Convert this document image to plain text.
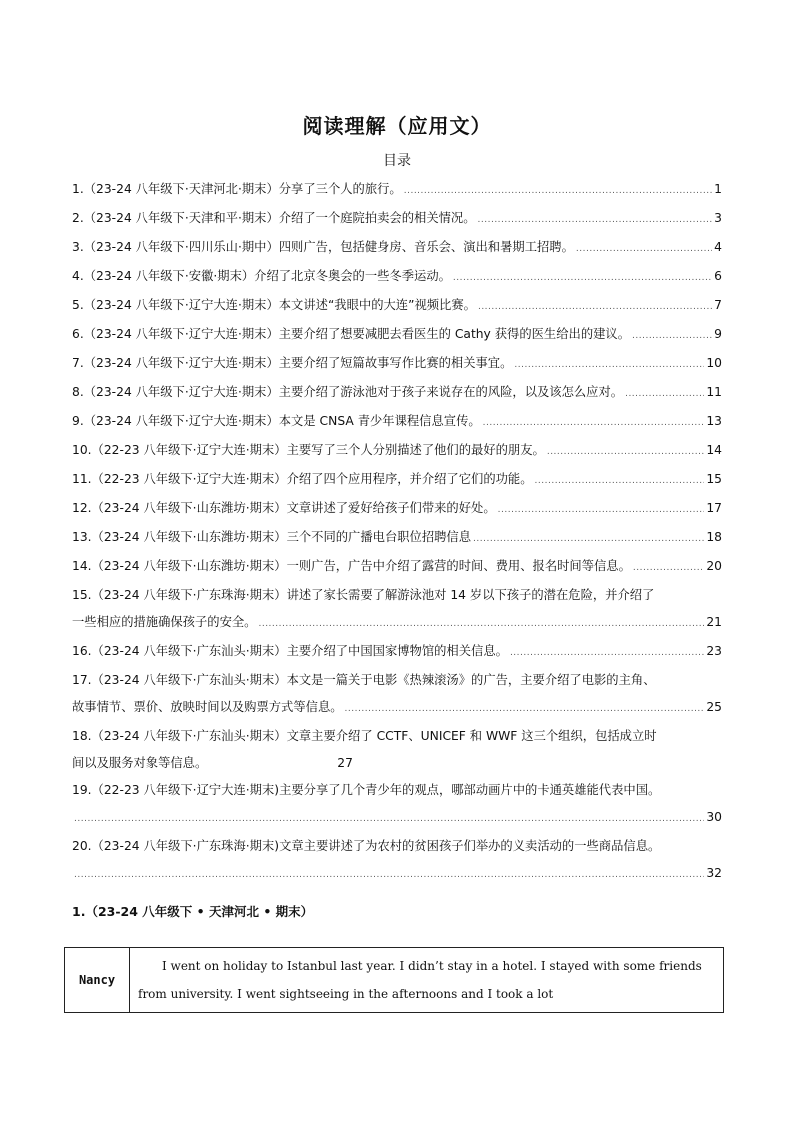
阅读理解（应用文）
目录
1.（23-24 八年级下·天津河北·期末）分享了三个人的旅行。 .....	1
2.（23-24 八年级下·天津和平·期末）介绍了一个庭院拍卖会的相关情况。 .....	3
3.（23-24 八年级下·四川乐山·期中）四则广告，包括健身房、音乐会、演出和暑期工招聘。 .....	4
4.（23-24 八年级下·安徽·期末）介绍了北京冬奥会的一些冬季运动。 .....	6
5.（23-24 八年级下·辽宁大连·期末）本文讲述“我眼中的大连”视频比赛。 .....	7
6.（23-24 八年级下·辽宁大连·期末）主要介绍了想要减肥去看医生的 Cathy 获得的医生给出的建议。 .....	9
7.（23-24 八年级下·辽宁大连·期末）主要介绍了短篇故事写作比赛的相关事宜。 .....	10
8.（23-24 八年级下·辽宁大连·期末）主要介绍了游泳池对于孩子来说存在的风险，以及该怎么应对。 .....	11
9.（23-24 八年级下·辽宁大连·期末）本文是 CNSA 青少年课程信息宣传。 .....	13
10.（22-23 八年级下·辽宁大连·期末）主要写了三个人分别描述了他们的最好的朋友。 .....	14
11.（22-23 八年级下·辽宁大连·期末）介绍了四个应用程序，并介绍了它们的功能。 .....	15
12.（23-24 八年级下·山东潍坊·期末）文章讲述了爱好给孩子们带来的好处。 .....	17
13.（23-24 八年级下·山东潍坊·期末）三个不同的广播电台职位招聘信息 .....	18
14.（23-24 八年级下·山东潍坊·期末）一则广告，广告中介绍了露营的时间、费用、报名时间等信息。 .....	20
15.（23-24 八年级下·广东珠海·期末）讲述了家长需要了解游泳池对 14 岁以下孩子的潜在危险，并介绍了
一些相应的措施确保孩子的安全。 .....	21
16.（23-24 八年级下·广东汕头·期末）主要介绍了中国国家博物馆的相关信息。 .....	23
17.（23-24 八年级下·广东汕头·期末）本文是一篇关于电影《热辣滚汤》的广告，主要介绍了电影的主角、
故事情节、票价、放映时间以及购票方式等信息。 .....	25
18.（23-24 八年级下·广东汕头·期末）文章主要介绍了 CCTF、UNICEF 和 WWF 这三个组织，包括成立时
间以及服务对象等信息。	27
19.（22-23 八年级下·辽宁大连·期末)主要分享了几个青少年的观点，哪部动画片中的卡通英雄能代表中国。
.....
30
20.（23-24 八年级下·广东珠海·期末)文章主要讲述了为农村的贫困孩子们举办的义卖活动的一些商品信息。
.....
32
1.（23-24 八年级下 • 天津河北 • 期末）
Nancy	I went on holiday to Istanbul last year. I didn’t stay in a hotel. I stayed with some friends from university. I went sightseeing in the afternoons and I took a lot
